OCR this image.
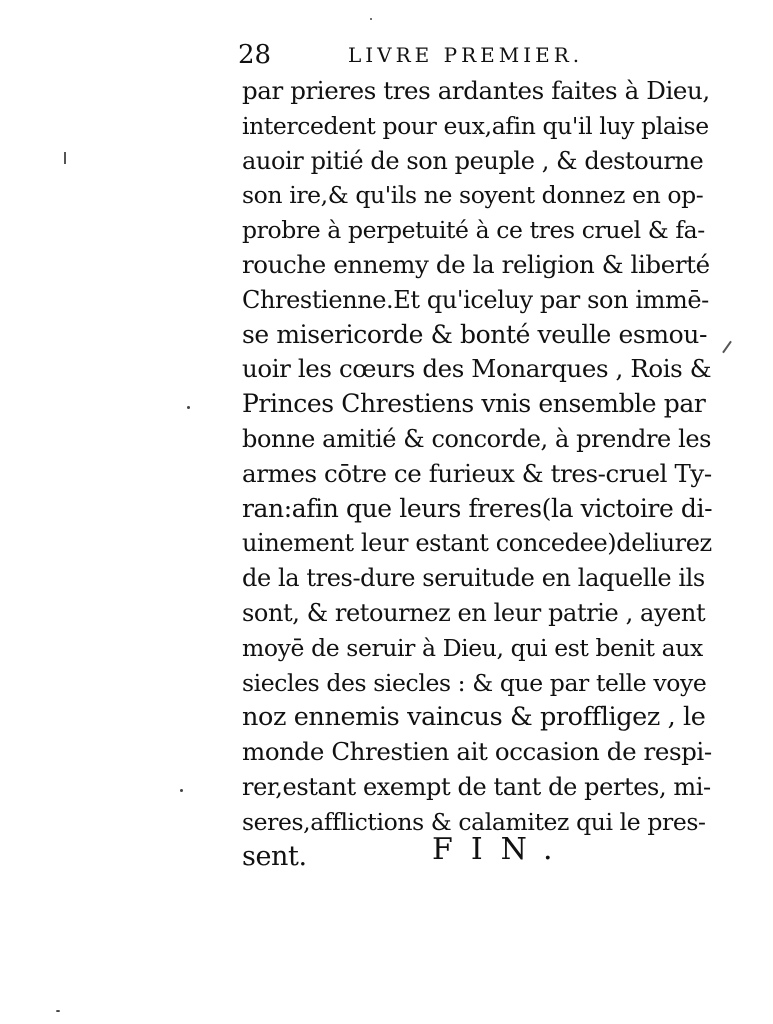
28	LIVRE PREMIER.
par prieres tres ardantes faites à Dieu,
intercedent pour eux,afin qu'il luy plaise
auoir pitié de son peuple , & destourne
son ire,& qu'ils ne soyent donnez en op-
probre à perpetuité à ce tres cruel & fa-
rouche ennemy de la religion & liberté
Chrestienne.Et qu'iceluy par son immē-
se misericorde & bonté veulle esmou-
uoir les cœurs des Monarques , Rois &
Princes Chrestiens vnis ensemble par
bonne amitié & concorde, à prendre les
armes cōtre ce furieux & tres-cruel Ty-
ran:afin que leurs freres(la victoire di-
uinement leur estant concedee)deliurez
de la tres-dure seruitude en laquelle ils
sont, & retournez en leur patrie , ayent
moyē de seruir à Dieu, qui est benit aux
siecles des siecles : & que par telle voye
noz ennemis vaincus & proffligez , le
monde Chrestien ait occasion de respi-
rer,estant exempt de tant de pertes, mi-
seres,afflictions & calamitez qui le pres-
sent.	FIN.
